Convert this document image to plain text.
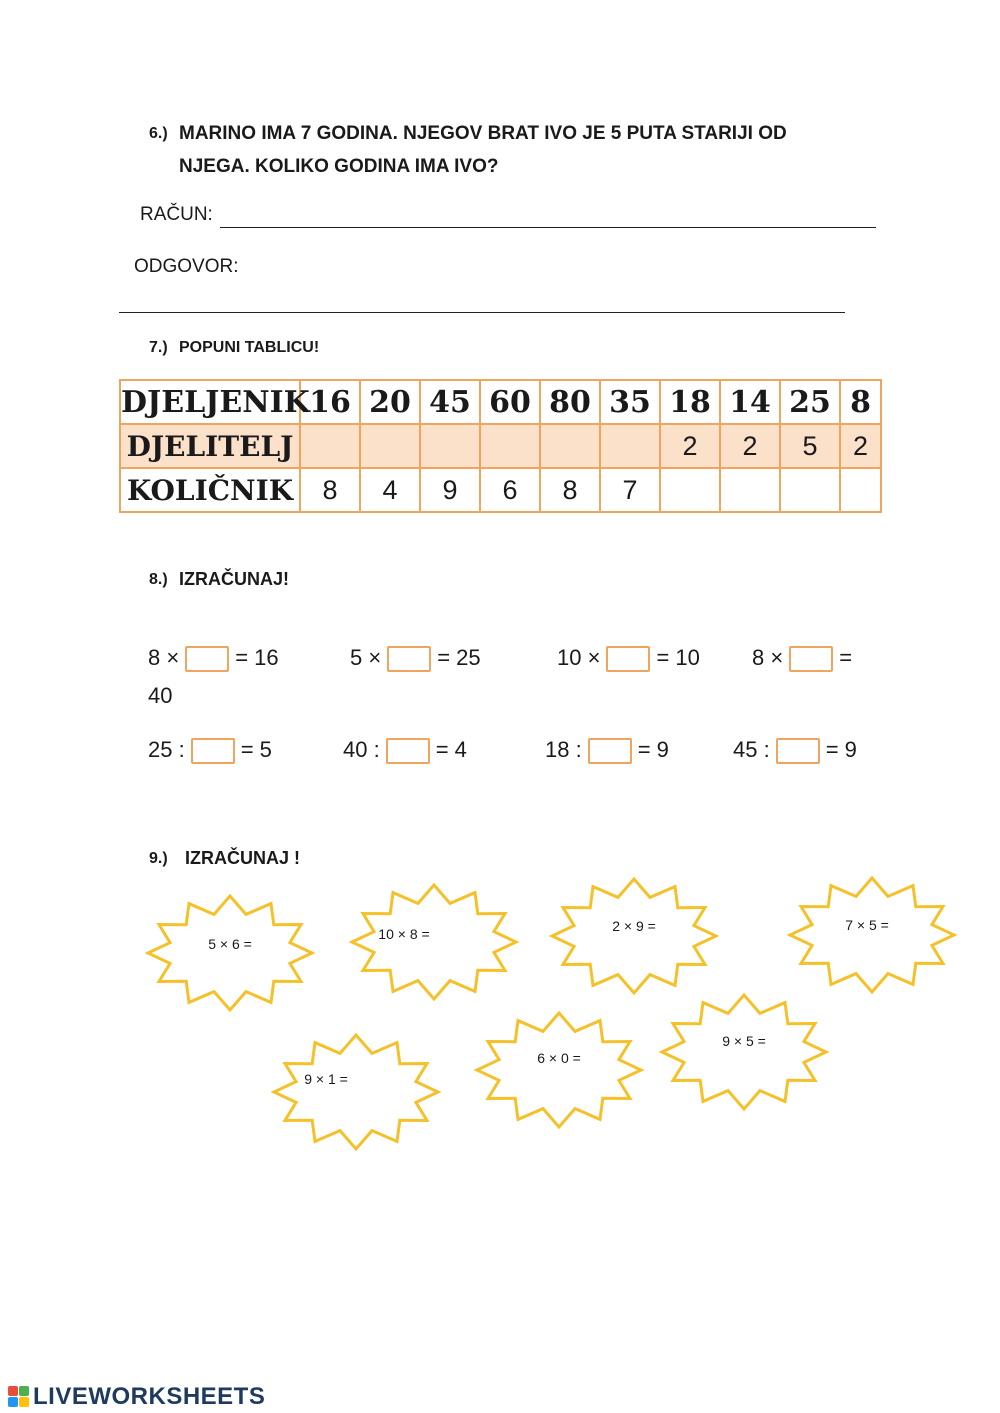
6.) MARINO IMA 7 GODINA. NJEGOV BRAT IVO JE 5 PUTA STARIJI OD
NJEGA. KOLIKO GODINA IMA IVO?
RAČUN:
ODGOVOR:
7.) POPUNI TABLICU!
DJELJENIK	16	20	45	60	80	35	18	14	25	8
DJELITELJ							2	2	5	2
KOLIČNIK	8	4	9	6	8	7				
8.) IZRAČUNAJ!
8 ×	= 16	5 ×	= 25	10 ×	= 10 8 ×	=
40
25 :	= 5	40 :	= 4	18 :	= 9	45 :	= 9
9.) IZRAČUNAJ !
5 × 6 =
10 × 8 =	2 × 9 =	7 × 5 =
9 × 1 =
6 × 0 =
9 × 5 =
LIVEWORKSHEETS
